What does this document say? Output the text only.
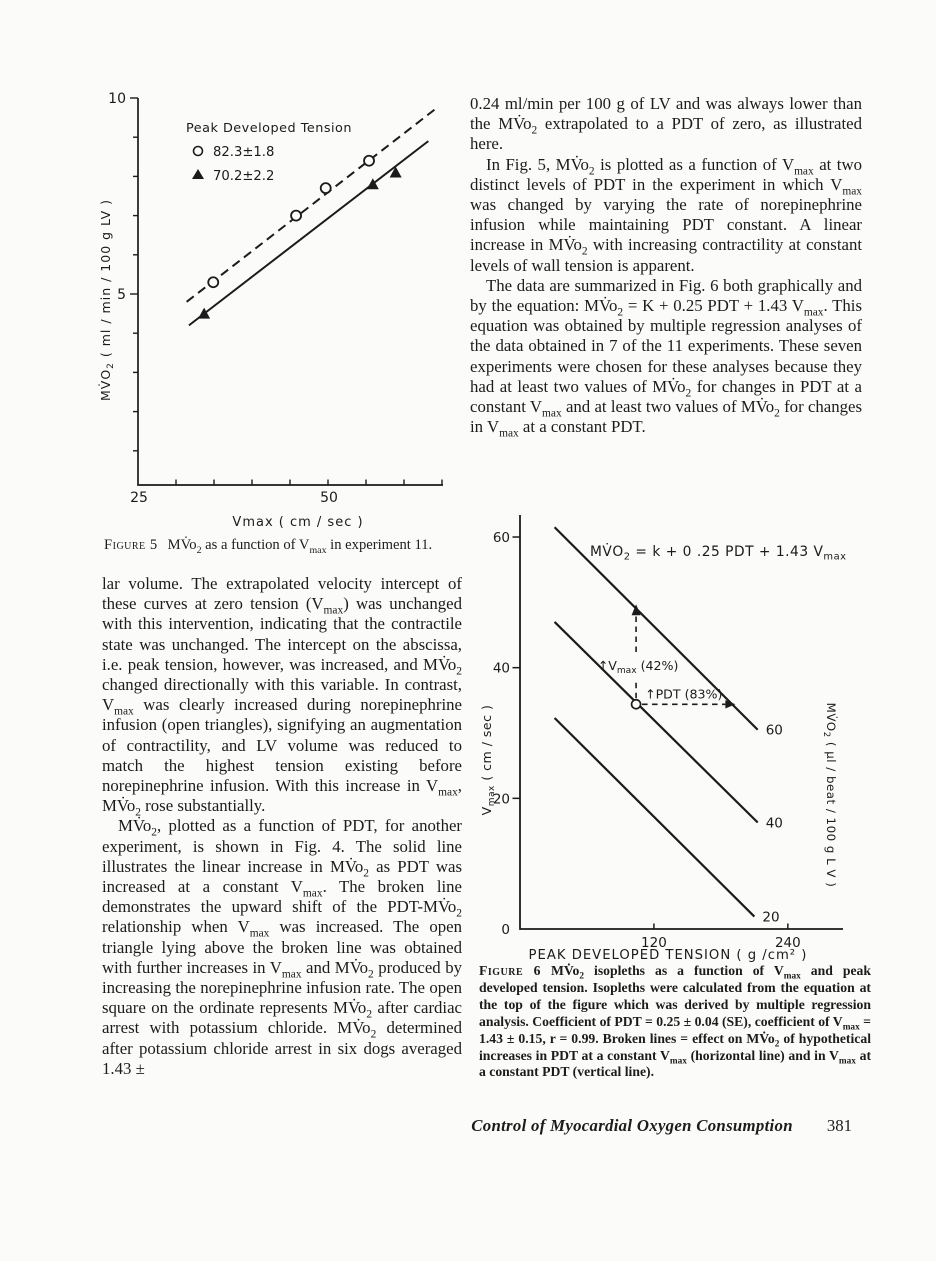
5
10
25	50
Peak Developed Tension
82.3±1.8
70.2±2.2
$MV̇O_2$ ( ml / min / 100 g LV )
Vmax ( cm / sec )
Figure 5 $MV̇o_2$ as a function of $V_{max}$ in experiment 11.

lar volume. The extrapolated velocity intercept of these curves at zero tension $(V_{max})$ was unchanged with this intervention, indicating that the contractile state was unchanged. The intercept on the abscissa, i.e. peak tension, however, was increased, and $MV̇o_2$ changed directionally with this variable. In contrast, $V_{max}$ was clearly increased during norepinephrine infusion (open triangles), signifying an augmentation of contractility, and LV volume was reduced to match the highest tension existing before norepinephrine infusion. With this increase in $V_{max}$, $MV̇o_2$ rose substantially.

$MV̇o_2$, plotted as a function of PDT, for another experiment, is shown in Fig. 4. The solid line illustrates the linear increase in $MV̇o_2$ as PDT was increased at a constant $V_{max}$. The broken line demonstrates the upward shift of the PDT-$MV̇o_2$ relationship when $V_{max}$ was increased. The open triangle lying above the broken line was obtained with further increases in $V_{max}$ and $MV̇o_2$ produced by increasing the norepinephrine infusion rate. The open square on the ordinate represents $MV̇o_2$ after cardiac arrest with potassium chloride. $MV̇o_2$ determined after potassium chloride arrest in six dogs averaged 1.43 ±

0.24 ml/min per 100 g of LV and was always lower than the $MV̇o_2$ extrapolated to a PDT of zero, as illustrated here.

In Fig. 5, $MV̇o_2$ is plotted as a function of $V_{max}$ at two distinct levels of PDT in the experiment in which $V_{max}$ was changed by varying the rate of norepinephrine infusion while maintaining PDT constant. A linear increase in $MV̇o_2$ with increasing contractility at constant levels of wall tension is apparent.

The data are summarized in Fig. 6 both graphically and by the equation: $MV̇o_2 = K + 0.25$ PDT + 1.43 $V_{max}$. This equation was obtained by multiple regression analyses of the data obtained in 7 of the 11 experiments. These seven experiments were chosen for these analyses because they had at least two values of $MV̇o_2$ for changes in PDT at a constant $V_{max}$ and at least two values of $MV̇o_2$ for changes in $V_{max}$ at a constant PDT.

0
20
40
60
120	240
$MV̇O_2 = k + 0$ .25 PDT + 1.43 $V_{max}$
60
40
20
$↑V_{max}$ (42%)
↑PDT (83%)
$V_{max}$ ( cm / sec )	$MV̇O_2$ ( μl / beat / 100 g L V )
PEAK DEVELOPED TENSION ( g /cm² )
Figure 6 $MV̇o_2$ isopleths as a function of $V_{max}$ and peak developed tension. Isopleths were calculated from the equation at the top of the figure which was derived by multiple regression analysis. Coefficient of PDT = 0.25 ± 0.04 (SE), coefficient of $V_{max} = 1.43 \pm 0.15$, r = 0.99. Broken lines = effect on $MV̇o_2$ of hypothetical increases in PDT at a constant $V_{max}$ (horizontal line) and in $V_{max}$ at a constant PDT (vertical line).
Control of Myocardial Oxygen Consumption 381
